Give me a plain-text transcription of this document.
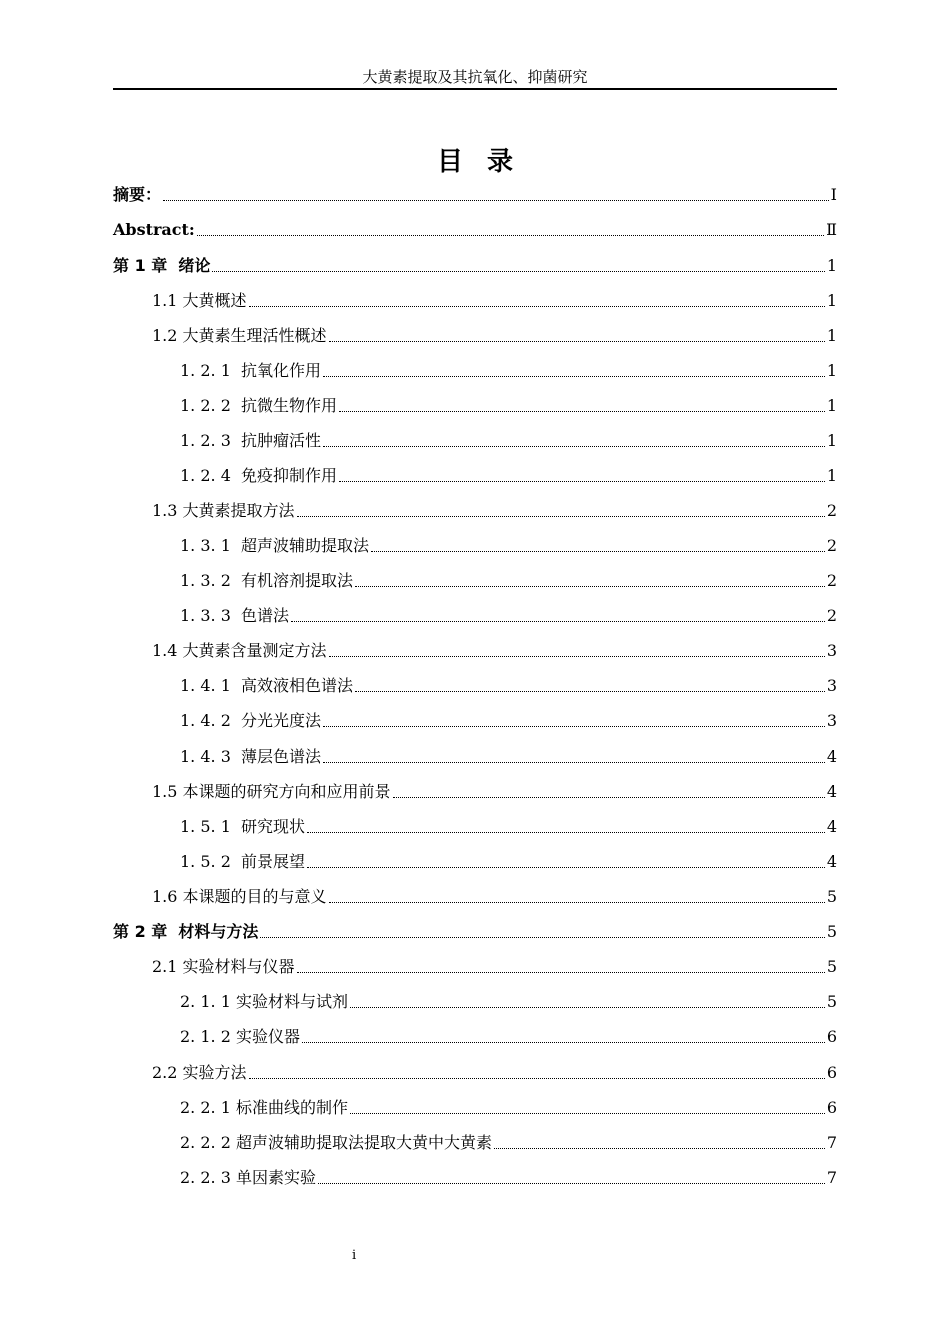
大黄素提取及其抗氧化、抑菌研究
目录
摘要：	Ⅰ
Abstract:	Ⅱ
第 1 章  绪论	1
1.1 大黄概述	1
1.2 大黄素生理活性概述	1
1. 2. 1  抗氧化作用	1
1. 2. 2  抗微生物作用	1
1. 2. 3  抗肿瘤活性	1
1. 2. 4  免疫抑制作用	1
1.3 大黄素提取方法	2
1. 3. 1  超声波辅助提取法	2
1. 3. 2  有机溶剂提取法	2
1. 3. 3  色谱法	2
1.4 大黄素含量测定方法	3
1. 4. 1  高效液相色谱法	3
1. 4. 2  分光光度法	3
1. 4. 3  薄层色谱法	4
1.5 本课题的研究方向和应用前景	4
1. 5. 1  研究现状	4
1. 5. 2  前景展望	4
1.6 本课题的目的与意义	5
第 2 章  材料与方法	5
2.1 实验材料与仪器	5
2. 1. 1 实验材料与试剂	5
2. 1. 2 实验仪器	6
2.2 实验方法	6
2. 2. 1 标准曲线的制作	6
2. 2. 2 超声波辅助提取法提取大黄中大黄素	7
2. 2. 3 单因素实验	7
i
